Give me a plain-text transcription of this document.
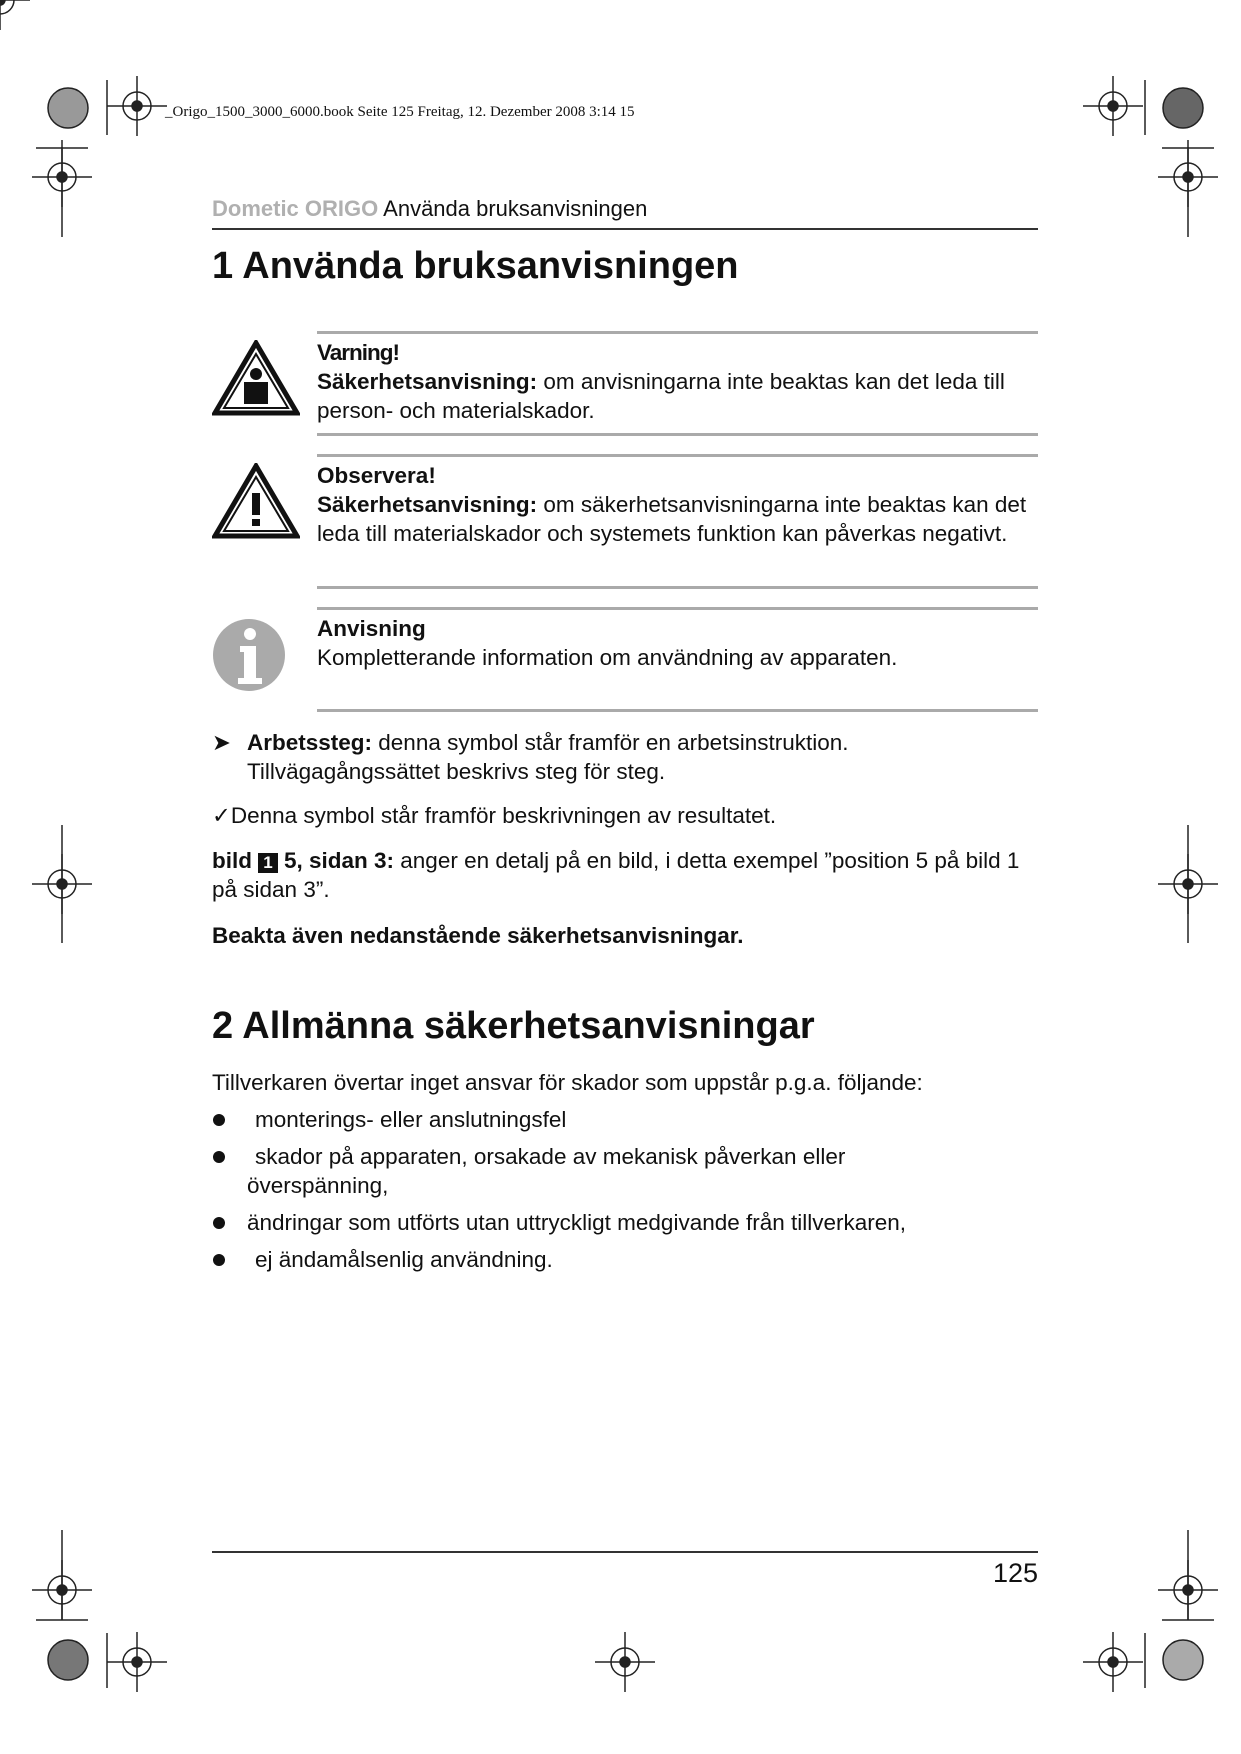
_Origo_1500_3000_6000.book Seite 125 Freitag, 12. Dezember 2008 3:14 15
Dometic ORIGO Använda bruksanvisningen
1 Använda bruksanvisningen
Varning!
Säkerhetsanvisning: om anvisningarna inte beaktas kan det leda till person- och materialskador.
Observera!
Säkerhetsanvisning: om säkerhetsanvisningarna inte beaktas kan det leda till materialskador och systemets funktion kan påverkas negativt.
Anvisning
Kompletterande information om användning av apparaten.
➤ Arbetssteg: denna symbol står framför en arbetsinstruktion.
Tillvägagångssättet beskrivs steg för steg.
✓Denna symbol står framför beskrivningen av resultatet.
bild 1 5, sidan 3: anger en detalj på en bild, i detta exempel ”position 5 på bild 1 på sidan 3”.
Beakta även nedanstående säkerhetsanvisningar.
2 Allmänna säkerhetsanvisningar
Tillverkaren övertar inget ansvar för skador som uppstår p.g.a. följande:
monterings- eller anslutningsfel
skador på apparaten, orsakade av mekanisk påverkan eller överspänning,
ändringar som utförts utan uttryckligt medgivande från tillverkaren,
ej ändamålsenlig användning.
125
